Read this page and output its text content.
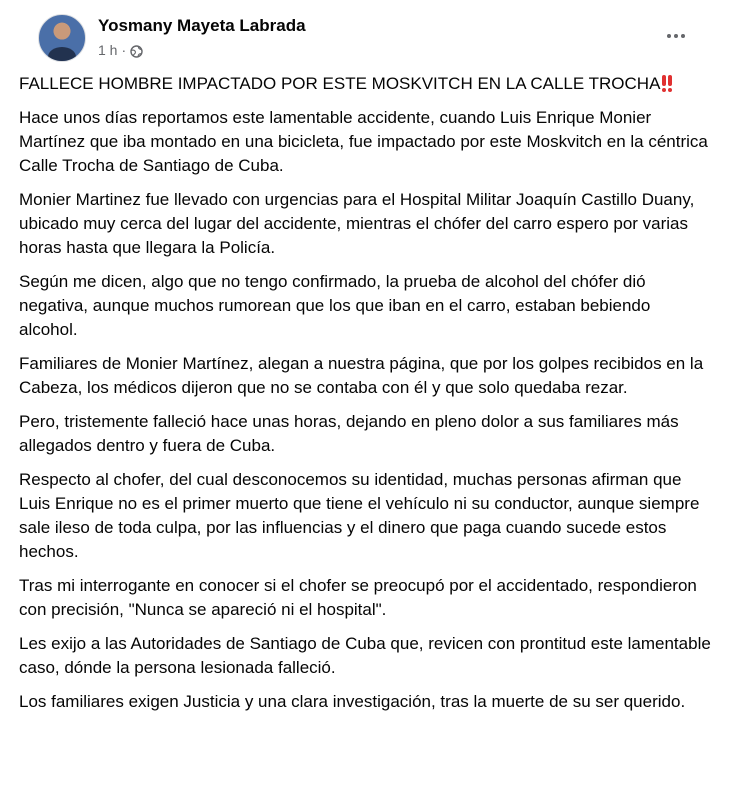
Yosmany Mayeta Labrada
1 h ·

FALLECE HOMBRE IMPACTADO POR ESTE MOSKVITCH EN LA CALLE TROCHA

Hace unos días reportamos este lamentable accidente, cuando Luis Enrique Monier Martínez que iba montado en una bicicleta, fue impactado por este Moskvitch en la céntrica Calle Trocha de Santiago de Cuba.

Monier Martinez fue llevado con urgencias para el Hospital Militar Joaquín Castillo Duany, ubicado muy cerca del lugar del accidente, mientras el chófer del carro espero por varias horas hasta que llegara la Policía.

Según me dicen, algo que no tengo confirmado, la prueba de alcohol del chófer dió negativa, aunque muchos rumorean que los que iban en el carro, estaban bebiendo alcohol.

Familiares de Monier Martínez, alegan a nuestra página, que por los golpes recibidos en la Cabeza, los médicos dijeron que no se contaba con él y que solo quedaba rezar.

Pero, tristemente falleció hace unas horas, dejando en pleno dolor a sus familiares más allegados dentro y fuera de Cuba.

Respecto al chofer, del cual desconocemos su identidad, muchas personas afirman que Luis Enrique no es el primer muerto que tiene el vehículo ni su conductor, aunque siempre sale ileso de toda culpa, por las influencias y el dinero que paga cuando sucede estos hechos.

Tras mi interrogante en conocer si el chofer se preocupó por el accidentado, respondieron con precisión, "Nunca se apareció ni el hospital".

Les exijo a las Autoridades de Santiago de Cuba que, revicen con prontitud este lamentable caso, dónde la persona lesionada falleció.

Los familiares exigen Justicia y una clara investigación, tras la muerte de su ser querido.
